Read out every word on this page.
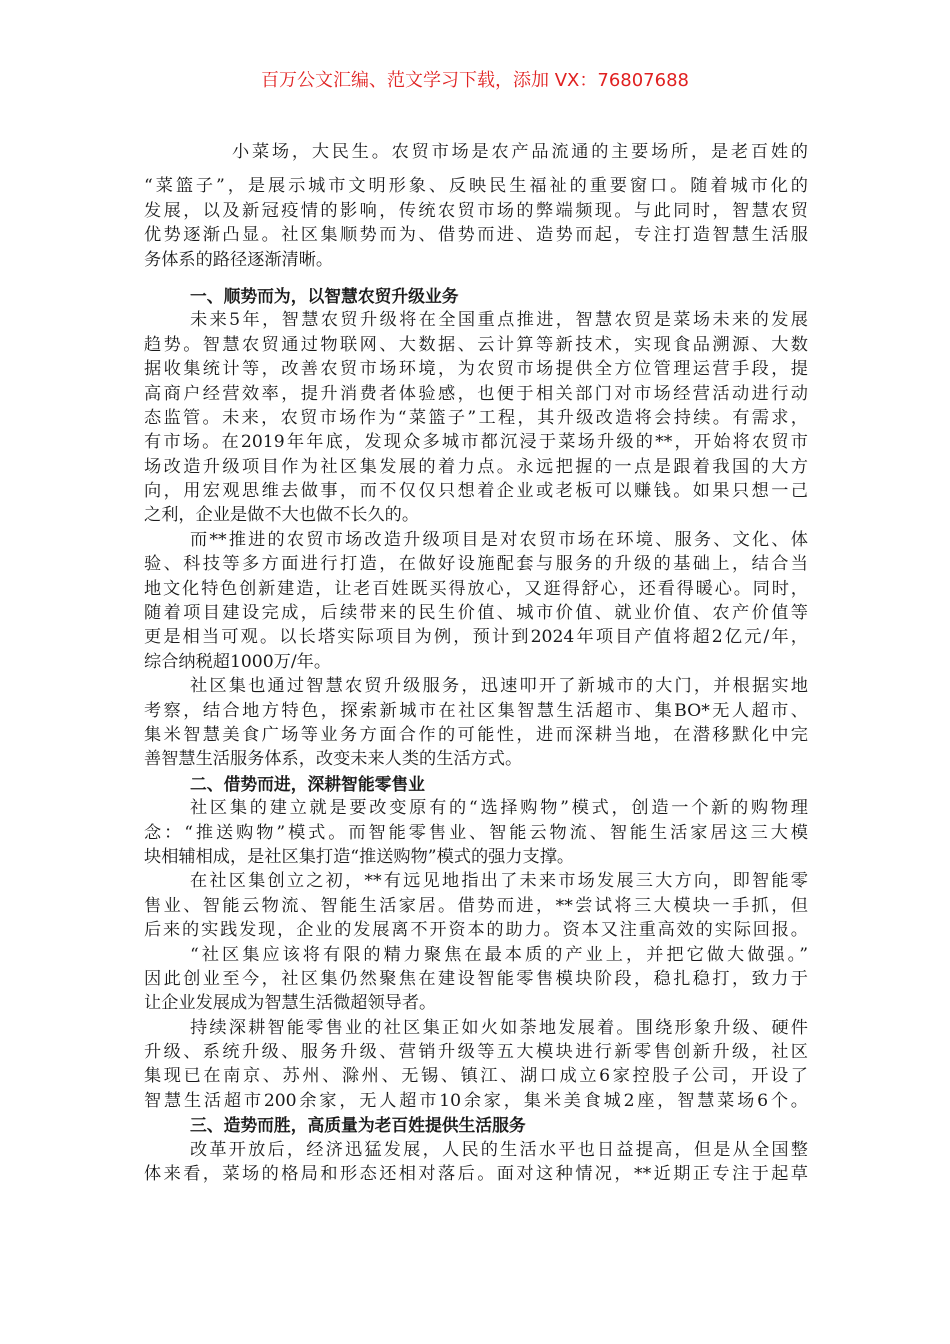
百万公文汇编、范文学习下载，添加 VX：76807688
小菜场，大民生。农贸市场是农产品流通的主要场所，是老百姓的
“菜篮子”，是展示城市文明形象、反映民生福祉的重要窗口。随着城市化的
发展，以及新冠疫情的影响，传统农贸市场的弊端频现。与此同时，智慧农贸
优势逐渐凸显。社区集顺势而为、借势而进、造势而起，专注打造智慧生活服
务体系的路径逐渐清晰。
一、顺势而为，以智慧农贸升级业务
未来5年，智慧农贸升级将在全国重点推进，智慧农贸是菜场未来的发展
趋势。智慧农贸通过物联网、大数据、云计算等新技术，实现食品溯源、大数
据收集统计等，改善农贸市场环境，为农贸市场提供全方位管理运营手段，提
高商户经营效率，提升消费者体验感，也便于相关部门对市场经营活动进行动
态监管。未来，农贸市场作为“菜篮子”工程，其升级改造将会持续。有需求，
有市场。在2019年年底，发现众多城市都沉浸于菜场升级的**，开始将农贸市
场改造升级项目作为社区集发展的着力点。永远把握的一点是跟着我国的大方
向，用宏观思维去做事，而不仅仅只想着企业或老板可以赚钱。如果只想一己
之利，企业是做不大也做不长久的。
而**推进的农贸市场改造升级项目是对农贸市场在环境、服务、文化、体
验、科技等多方面进行打造，在做好设施配套与服务的升级的基础上，结合当
地文化特色创新建造，让老百姓既买得放心，又逛得舒心，还看得暖心。同时，
随着项目建设完成，后续带来的民生价值、城市价值、就业价值、农产价值等
更是相当可观。以长塔实际项目为例，预计到2024年项目产值将超2亿元/年，
综合纳税超1000万/年。
社区集也通过智慧农贸升级服务，迅速叩开了新城市的大门，并根据实地
考察，结合地方特色，探索新城市在社区集智慧生活超市、集BO*无人超市、
集米智慧美食广场等业务方面合作的可能性，进而深耕当地，在潜移默化中完
善智慧生活服务体系，改变未来人类的生活方式。
二、借势而进，深耕智能零售业
社区集的建立就是要改变原有的“选择购物”模式，创造一个新的购物理
念：“推送购物”模式。而智能零售业、智能云物流、智能生活家居这三大模
块相辅相成，是社区集打造“推送购物”模式的强力支撑。
在社区集创立之初，**有远见地指出了未来市场发展三大方向，即智能零
售业、智能云物流、智能生活家居。借势而进，**尝试将三大模块一手抓，但
后来的实践发现，企业的发展离不开资本的助力。资本又注重高效的实际回报。
“社区集应该将有限的精力聚焦在最本质的产业上，并把它做大做强。”
因此创业至今，社区集仍然聚焦在建设智能零售模块阶段，稳扎稳打，致力于
让企业发展成为智慧生活微超领导者。
持续深耕智能零售业的社区集正如火如荼地发展着。围绕形象升级、硬件
升级、系统升级、服务升级、营销升级等五大模块进行新零售创新升级，社区
集现已在南京、苏州、滁州、无锡、镇江、湖口成立6家控股子公司，开设了
智慧生活超市200余家，无人超市10余家，集米美食城2座，智慧菜场6个。
三、造势而胜，高质量为老百姓提供生活服务
改革开放后，经济迅猛发展，人民的生活水平也日益提高，但是从全国整
体来看，菜场的格局和形态还相对落后。面对这种情况，**近期正专注于起草
